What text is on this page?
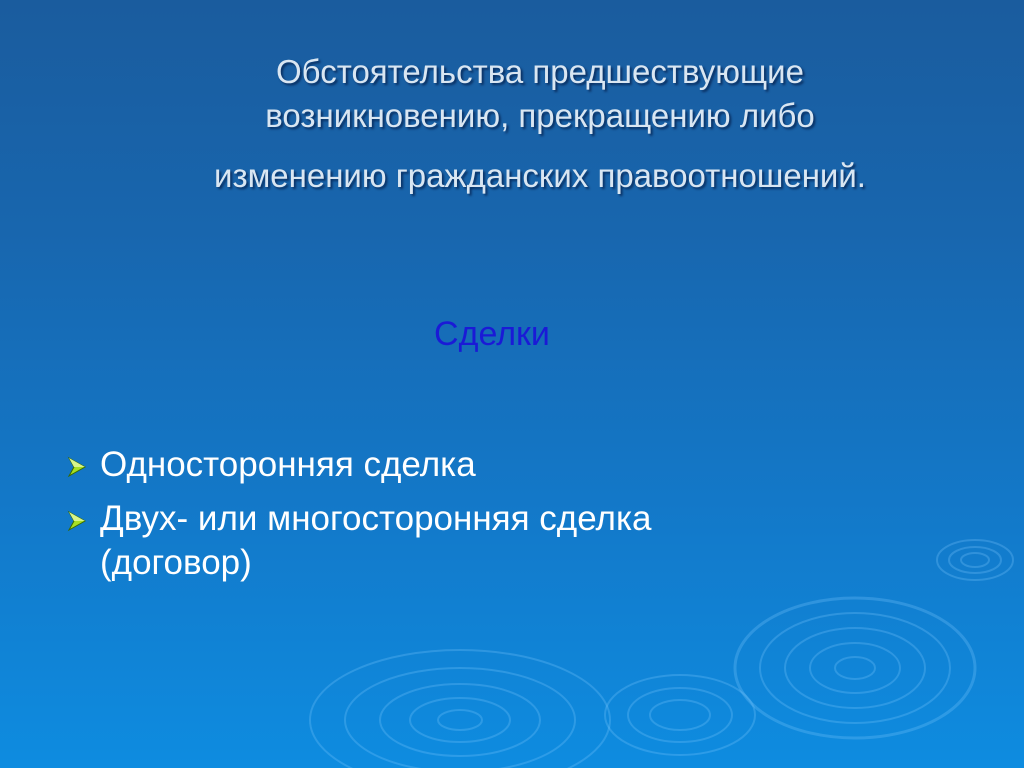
Обстоятельства предшествующие
возникновению, прекращению либо
изменению гражданских правоотношений.
Сделки
Односторонняя сделка
Двух- или многосторонняя сделка
(договор)
